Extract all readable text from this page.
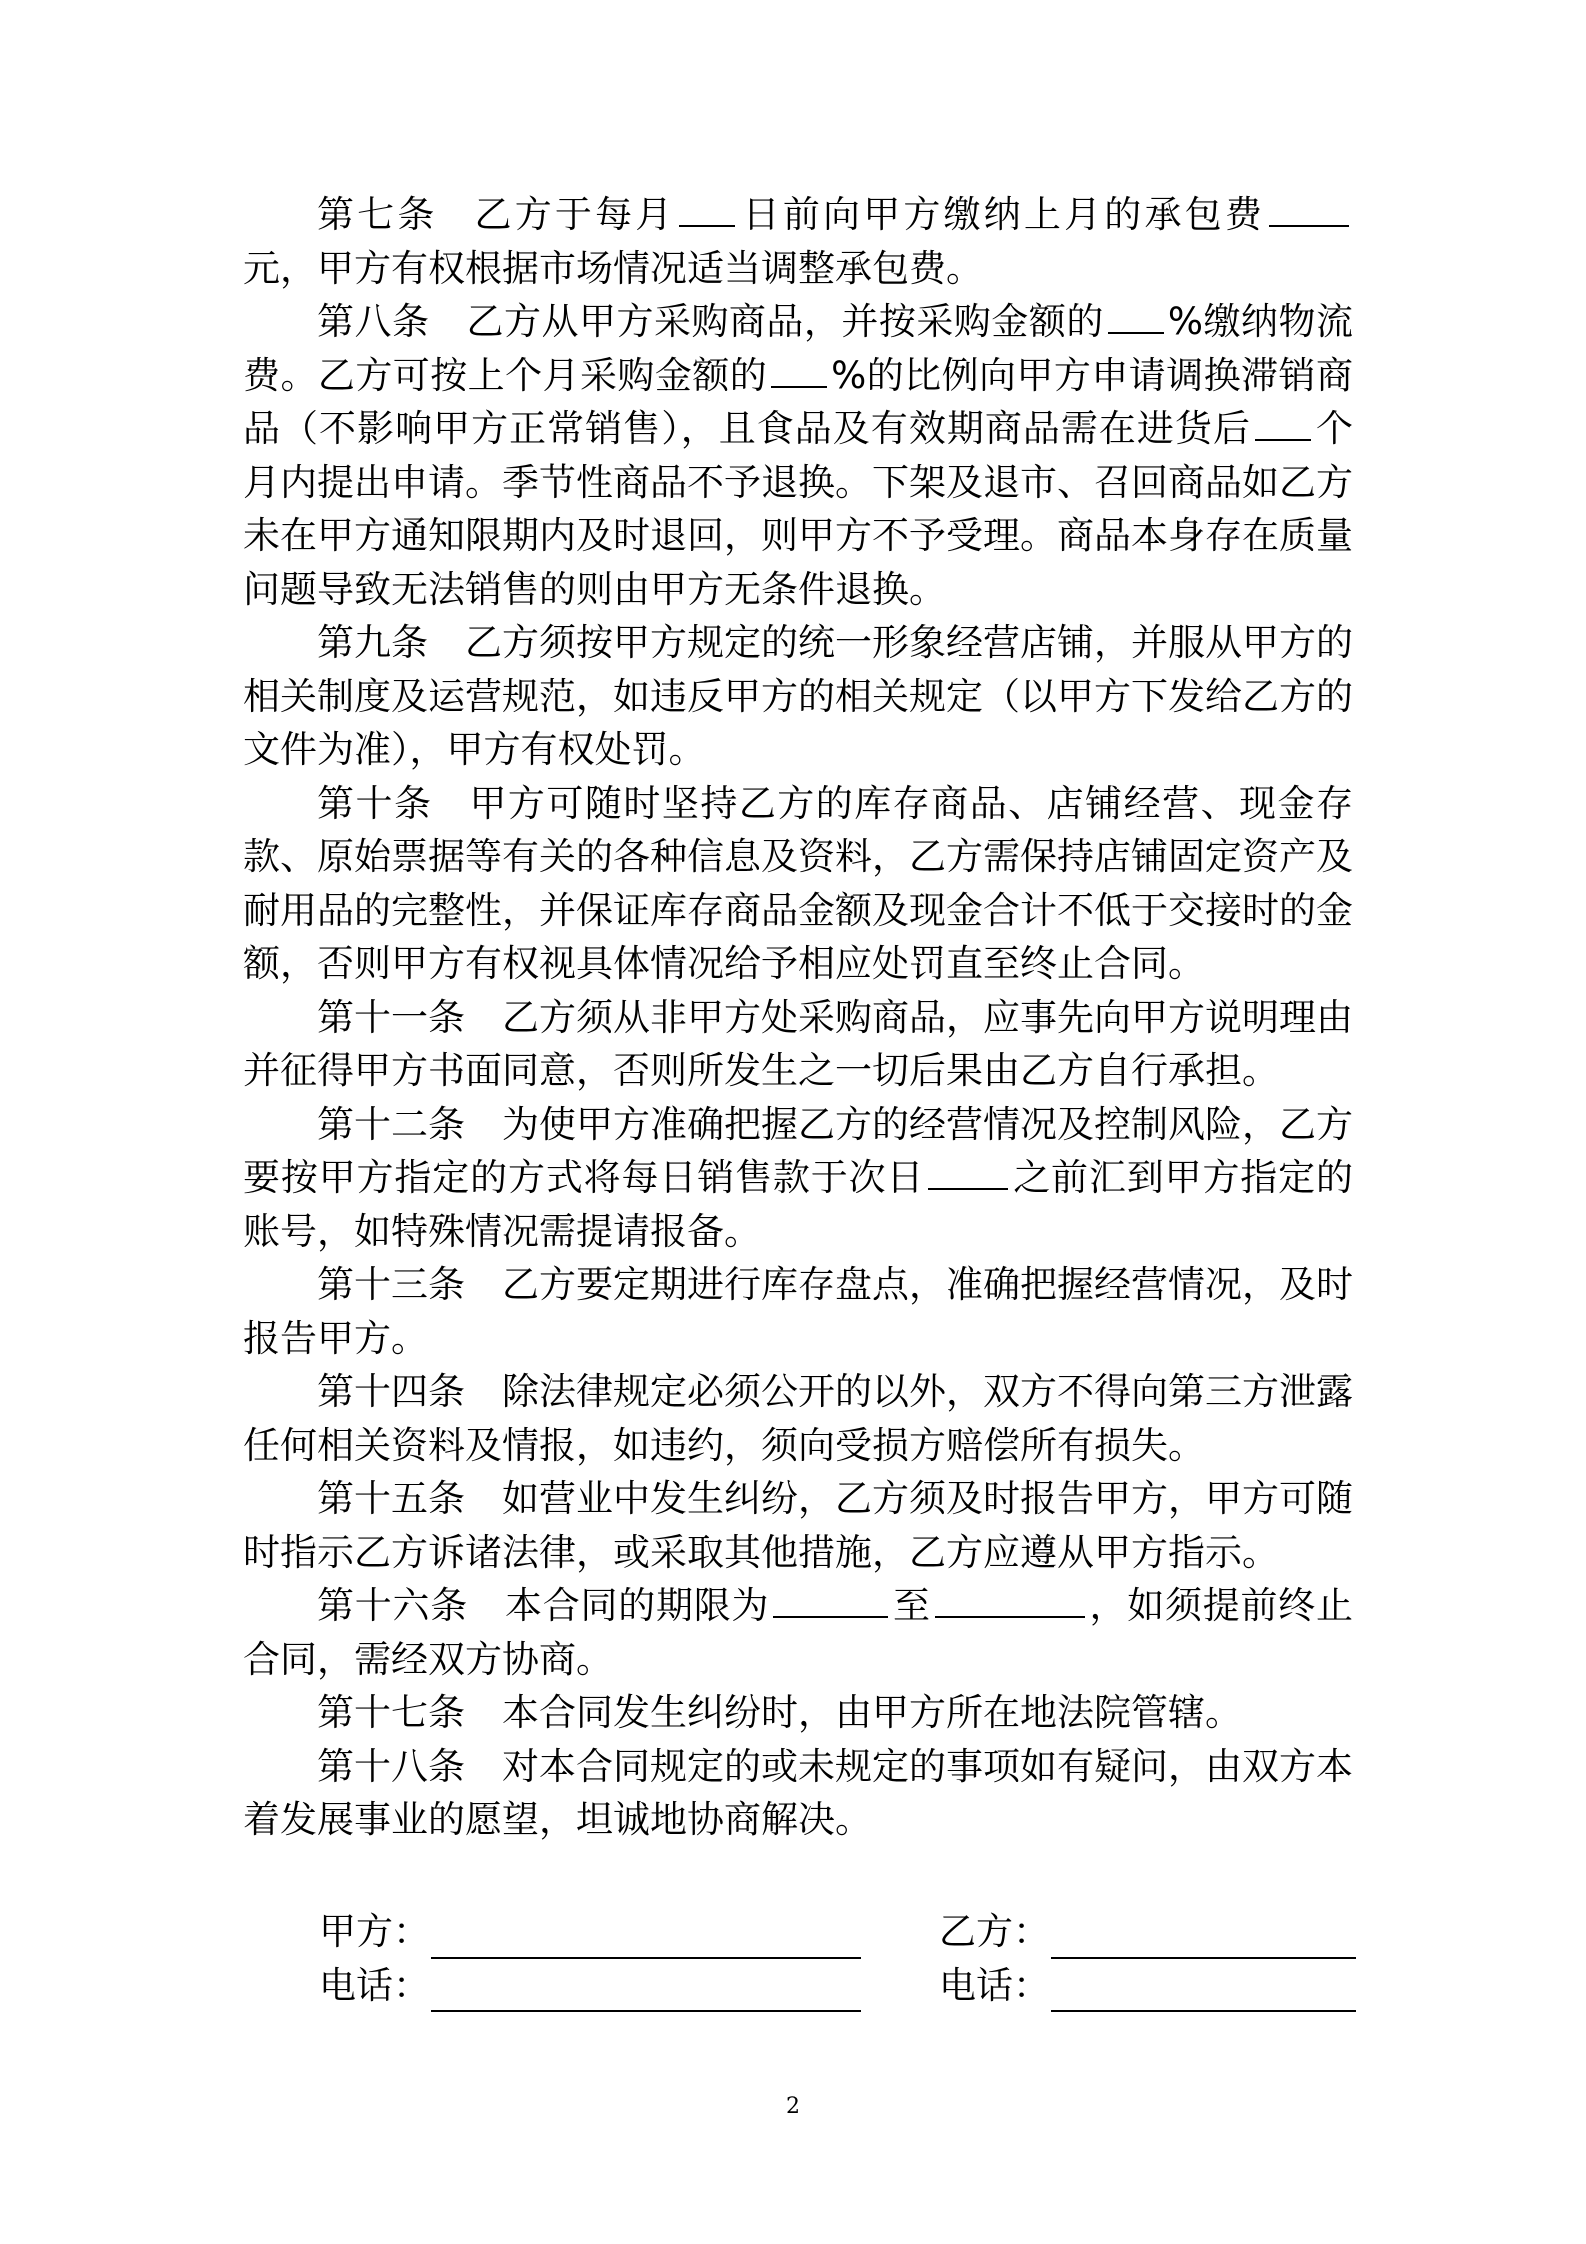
第七条 乙方于每月 日前向甲方缴纳上月的承包费元，甲方有权根据市场情况适当调整承包费。

第八条 乙方从甲方采购商品，并按采购金额的 %缴纳物流费。乙方可按上个月采购金额的 %的比例向甲方申请调换滞销商品（不影响甲方正常销售），且食品及有效期商品需在进货后 个月内提出申请。季节性商品不予退换。下架及退市、召回商品如乙方未在甲方通知限期内及时退回，则甲方不予受理。商品本身存在质量问题导致无法销售的则由甲方无条件退换。

第九条 乙方须按甲方规定的统一形象经营店铺，并服从甲方的相关制度及运营规范，如违反甲方的相关规定（以甲方下发给乙方的文件为准），甲方有权处罚。

第十条 甲方可随时坚持乙方的库存商品、店铺经营、现金存款、原始票据等有关的各种信息及资料，乙方需保持店铺固定资产及耐用品的完整性，并保证库存商品金额及现金合计不低于交接时的金额，否则甲方有权视具体情况给予相应处罚直至终止合同。

第十一条 乙方须从非甲方处采购商品，应事先向甲方说明理由并征得甲方书面同意，否则所发生之一切后果由乙方自行承担。

第十二条 为使甲方准确把握乙方的经营情况及控制风险，乙方要按甲方指定的方式将每日销售款于次日 之前汇到甲方指定的账号，如特殊情况需提请报备。

第十三条 乙方要定期进行库存盘点，准确把握经营情况，及时报告甲方。

第十四条 除法律规定必须公开的以外，双方不得向第三方泄露任何相关资料及情报，如违约，须向受损方赔偿所有损失。

第十五条 如营业中发生纠纷，乙方须及时报告甲方，甲方可随时指示乙方诉诸法律，或采取其他措施，乙方应遵从甲方指示。

第十六条 本合同的期限为	至	，如须提前终止合同，需经双方协商。

第十七条 本合同发生纠纷时，由甲方所在地法院管辖。

第十八条 对本合同规定的或未规定的事项如有疑问，由双方本着发展事业的愿望，坦诚地协商解决。

甲方：	乙方：
电话：	电话：
2
